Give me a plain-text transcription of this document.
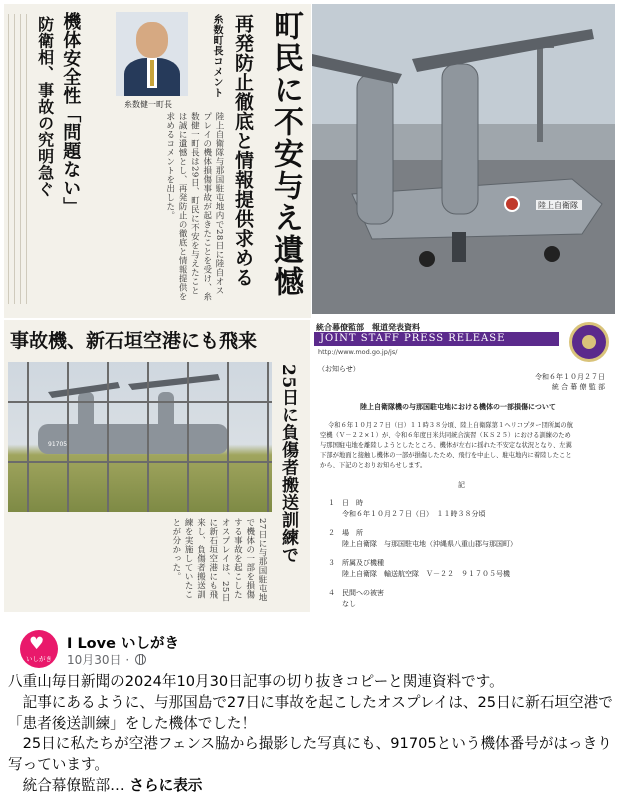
町民に不安与え遺憾
再発防止徹底と情報提供求める
糸数町長コメント
陸上自衛隊与那国駐屯地内で28日に陸自オスプレイの機体損傷事故が起きたことを受け、糸数健一町長は29日、町民に不安を与えたことは誠に遺憾とし、再発防止の徹底と情報提供を求めるコメントを出した。
糸数健一町長
機体安全性「問題ない」
防衛相、事故の究明急ぐ
陸上自衛隊
事故機、新石垣空港にも飛来
91705	25日に負傷者搬送訓練で
27日に与那国駐屯地で機体の一部を損傷する事故を起こしたオスプレイは、25日に新石垣空港にも飛来し、負傷者搬送訓練を実施していたことが分かった。
統合幕僚監部　報道発表資料
JOINT STAFF PRESS RELEASE
http://www.mod.go.jp/js/
（お知らせ）
令和６年１０月２７日
統 合 幕 僚 監 部
陸上自衛隊機の与那国駐屯地における機体の一部損傷について
令和６年１０月２７日（日）１１時３８分頃、陸上自衛隊第１ヘリコプター団所属の航
空機（Ｖ－２２×１）が、令和６年度日米共同統合演習（ＫＳ２５）における訓練のため
与那国駐屯地を離陸しようとしたところ、機体が左右に揺れた不安定な状況となり、左翼
下部が地面と接触し機体の一部が損傷したため、飛行を中止し、駐屯地内に着陸したこと
から、下記のとおりお知らせします。
記
１　日　時
　　令和６年１０月２７日（日）　１１時３８分頃
２　場　所
　　陸上自衛隊　与那国駐屯地（沖縄県八重山郡与那国町）
３　所属及び機種
　　陸上自衛隊　輸送航空隊　Ｖ－２２　９１７０５号機
４　民間への被害
　　なし
♥
いしがき
I Love いしがき
10月30日 ·

八重山毎日新聞の2024年10月30日記事の切り抜きコピーと関連資料です。

　記事にあるように、与那国島で27日に事故を起こしたオスプレイは、25日に新石垣空港で

「患者後送訓練」をした機体でした！

　25日に私たちが空港フェンス脇から撮影した写真にも、91705という機体番号がはっきり

写っています。

　統合幕僚監部… さらに表示
